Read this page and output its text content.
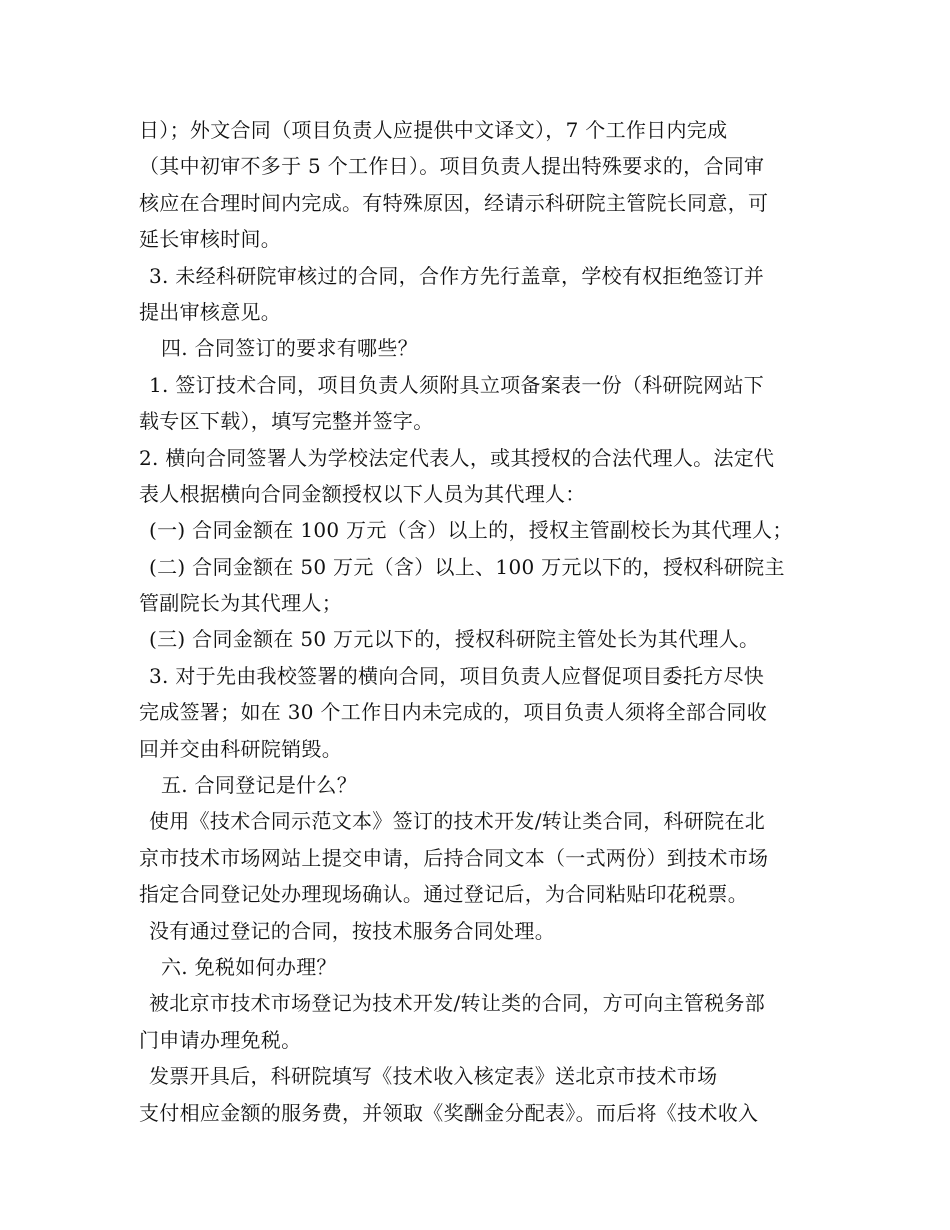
日）；外文合同（项目负责人应提供中文译文），7 个工作日内完成
（其中初审不多于 5 个工作日）。项目负责人提出特殊要求的，合同审
核应在合理时间内完成。有特殊原因，经请示科研院主管院长同意，可
延长审核时间。
3. 未经科研院审核过的合同，合作方先行盖章，学校有权拒绝签订并
提出审核意见。
四. 合同签订的要求有哪些？
1. 签订技术合同，项目负责人须附具立项备案表一份（科研院网站下
载专区下载），填写完整并签字。
2. 横向合同签署人为学校法定代表人，或其授权的合法代理人。法定代
表人根据横向合同金额授权以下人员为其代理人：
(一) 合同金额在 100 万元（含）以上的，授权主管副校长为其代理人；
(二) 合同金额在 50 万元（含）以上、100 万元以下的，授权科研院主
管副院长为其代理人；
(三) 合同金额在 50 万元以下的，授权科研院主管处长为其代理人。
3. 对于先由我校签署的横向合同，项目负责人应督促项目委托方尽快
完成签署；如在 30 个工作日内未完成的，项目负责人须将全部合同收
回并交由科研院销毁。
五. 合同登记是什么？
使用《技术合同示范文本》签订的技术开发/转让类合同，科研院在北
京市技术市场网站上提交申请，后持合同文本（一式两份）到技术市场
指定合同登记处办理现场确认。通过登记后，为合同粘贴印花税票。
没有通过登记的合同，按技术服务合同处理。
六. 免税如何办理？
被北京市技术市场登记为技术开发/转让类的合同，方可向主管税务部
门申请办理免税。
发票开具后，科研院填写《技术收入核定表》送北京市技术市场
支付相应金额的服务费，并领取《奖酬金分配表》。而后将《技术收入
